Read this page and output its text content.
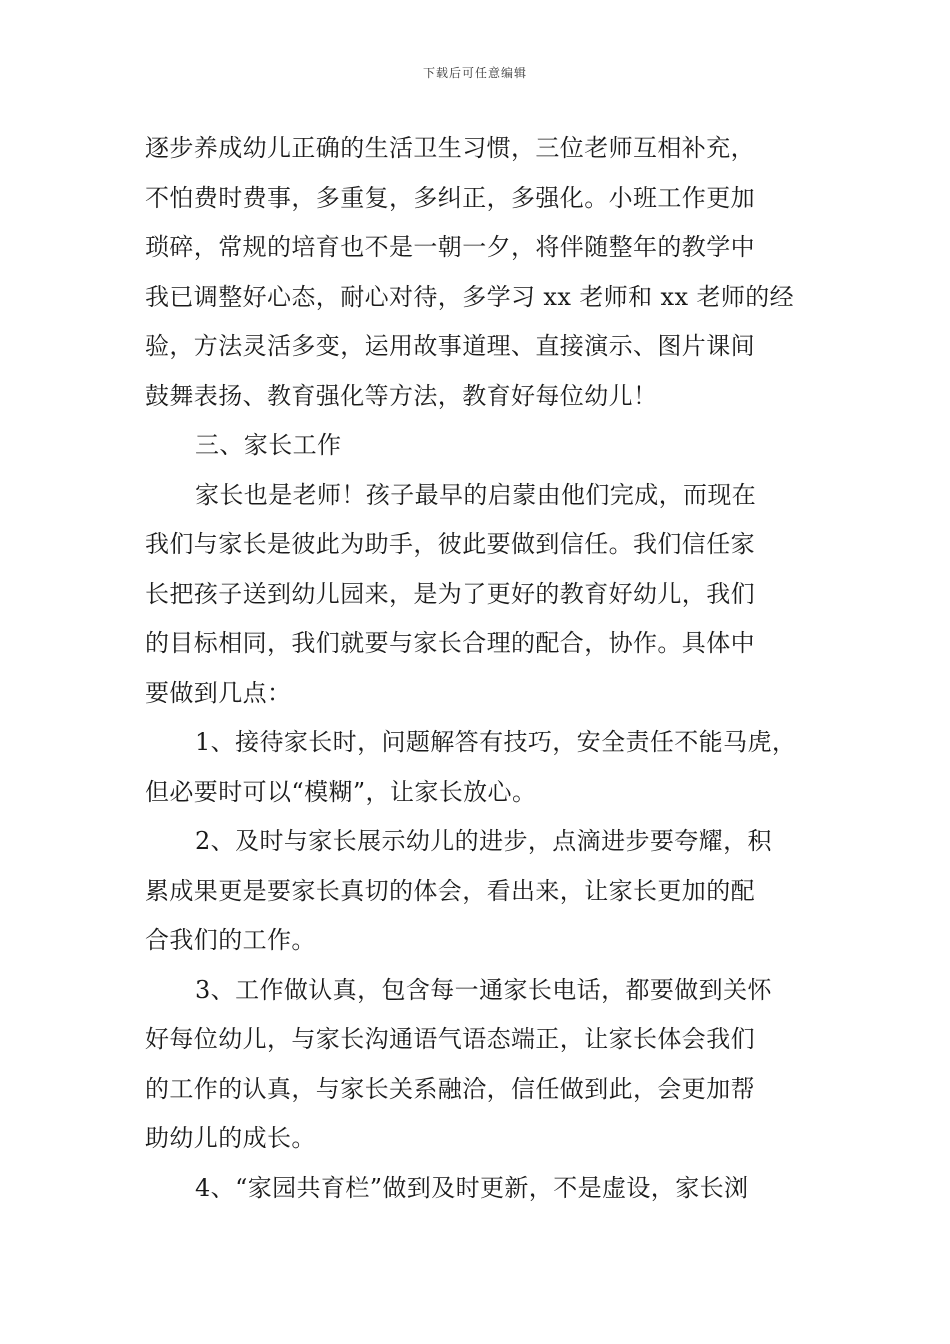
下载后可任意编辑
逐步养成幼儿正确的生活卫生习惯，三位老师互相补充，
不怕费时费事，多重复，多纠正，多强化。小班工作更加
琐碎，常规的培育也不是一朝一夕，将伴随整年的教学中
我已调整好心态，耐心对待，多学习 xx 老师和 xx 老师的经
验，方法灵活多变，运用故事道理、直接演示、图片课间
鼓舞表扬、教育强化等方法，教育好每位幼儿！
三、家长工作
家长也是老师！孩子最早的启蒙由他们完成，而现在
我们与家长是彼此为助手，彼此要做到信任。我们信任家
长把孩子送到幼儿园来，是为了更好的教育好幼儿，我们
的目标相同，我们就要与家长合理的配合，协作。具体中
要做到几点：
1、接待家长时，问题解答有技巧，安全责任不能马虎，
但必要时可以“模糊”，让家长放心。
2、及时与家长展示幼儿的进步，点滴进步要夸耀，积
累成果更是要家长真切的体会，看出来，让家长更加的配
合我们的工作。
3、工作做认真，包含每一通家长电话，都要做到关怀
好每位幼儿，与家长沟通语气语态端正，让家长体会我们
的工作的认真，与家长关系融洽，信任做到此，会更加帮
助幼儿的成长。
4、“家园共育栏”做到及时更新，不是虚设，家长浏
